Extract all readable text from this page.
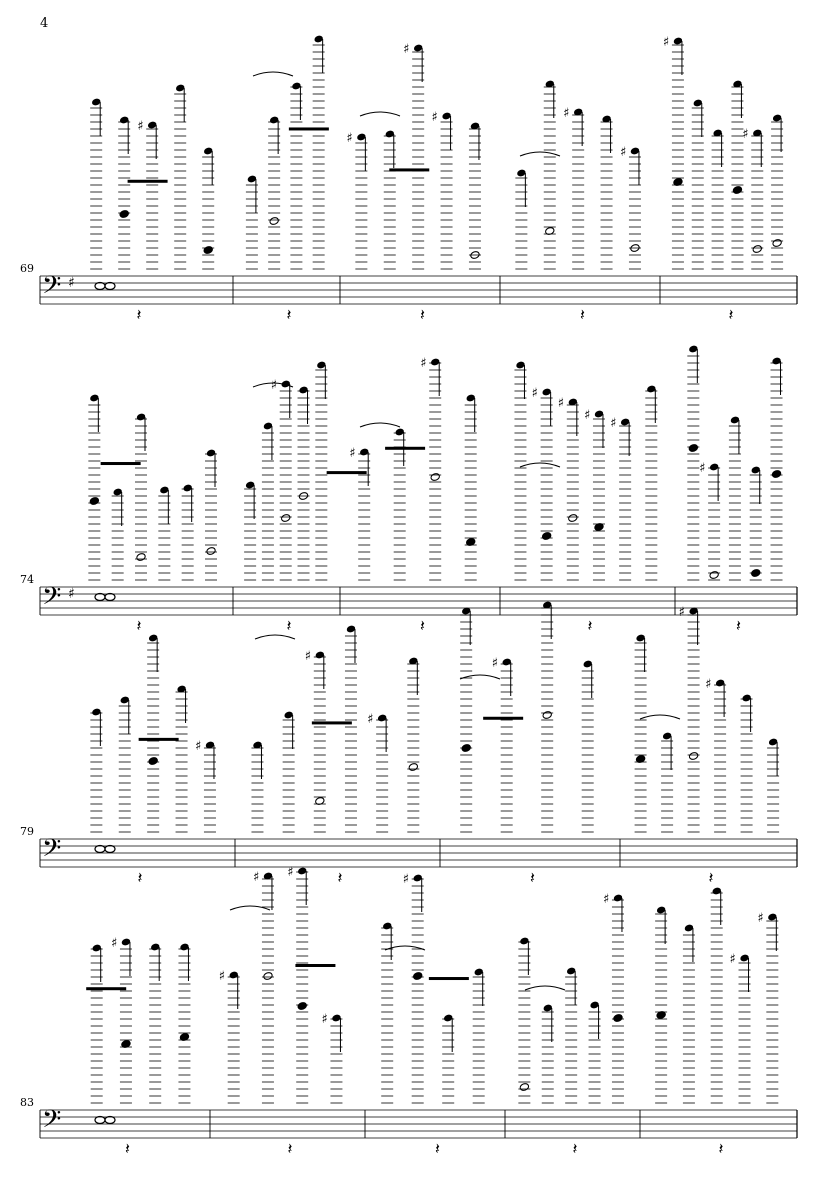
4
69
74
79
83
𝄢 ♯
♯
𝄽	𝄽
♯
♯
♯
𝄽
♯
♯
𝄽
♯
♯
𝄽
𝄢 ♯
𝄽
♯
𝄽
♯
♯
𝄽
♯
♯
♯
♯
𝄽
♯
𝄽
𝄢
♯
𝄽
♯
♯
𝄽
♯
𝄽
♯
♯
𝄽
𝄢
♯
𝄽
♯
♯ ♯
♯
𝄽
♯
𝄽
♯
𝄽
♯
♯
𝄽
